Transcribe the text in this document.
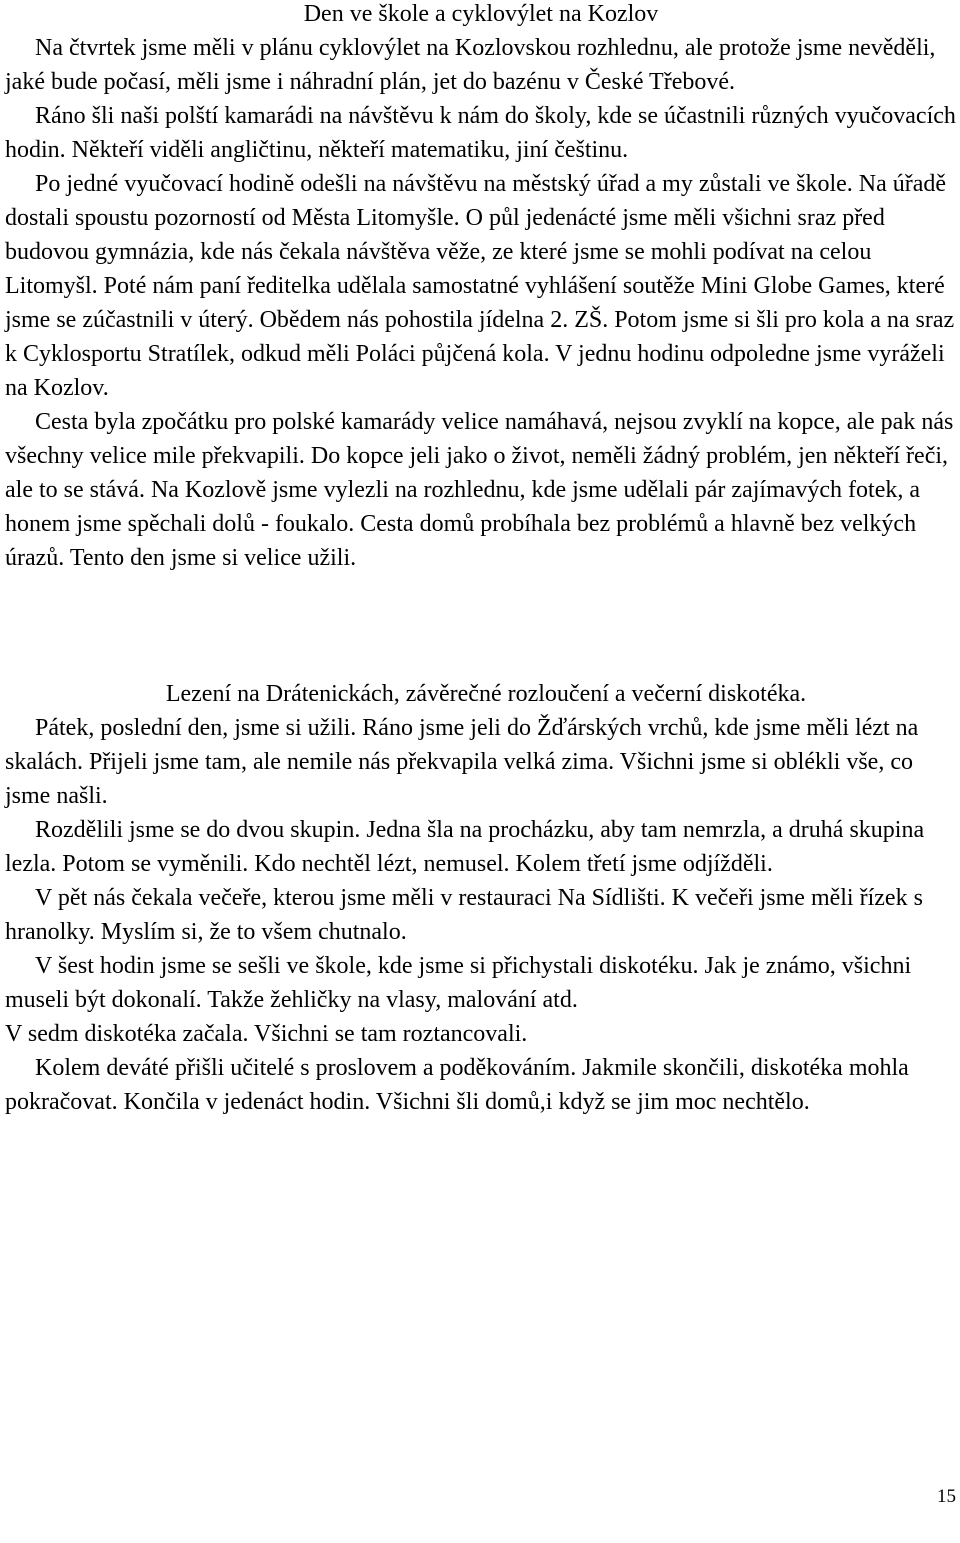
Den ve škole a cyklovýlet na Kozlov

Na čtvrtek jsme měli v plánu cyklovýlet na Kozlovskou rozhlednu, ale protože jsme nevěděli, jaké bude počasí, měli jsme i náhradní plán, jet do bazénu v České Třebové.

Ráno šli naši polští kamarádi na návštěvu k nám do školy, kde se účastnili různých vyučovacích hodin. Někteří viděli angličtinu, někteří matematiku, jiní češtinu.

Po jedné vyučovací hodině odešli na návštěvu na městský úřad a my zůstali ve škole. Na úřadě dostali spoustu pozorností od Města Litomyšle. O půl jedenácté jsme měli všichni sraz před budovou gymnázia, kde nás čekala návštěva věže, ze které jsme se mohli podívat na celou Litomyšl. Poté nám paní ředitelka udělala samostatné vyhlášení soutěže Mini Globe Games, které jsme se zúčastnili v úterý. Obědem nás pohostila jídelna 2. ZŠ. Potom jsme si šli pro kola a na sraz k Cyklosportu Stratílek, odkud měli Poláci půjčená kola. V jednu hodinu odpoledne jsme vyráželi na Kozlov.

Cesta byla zpočátku pro polské kamarády velice namáhavá, nejsou zvyklí na kopce, ale pak nás všechny velice mile překvapili. Do kopce jeli jako o život, neměli žádný problém, jen někteří řeči, ale to se stává. Na Kozlově jsme vylezli na rozhlednu, kde jsme udělali pár zajímavých fotek, a honem jsme spěchali dolů - foukalo. Cesta domů probíhala bez problémů a hlavně bez velkých úrazů. Tento den jsme si velice užili.

Lezení na Drátenickách, závěrečné rozloučení a večerní diskotéka.

Pátek, poslední den, jsme si užili. Ráno jsme jeli do Žďárských vrchů, kde jsme měli lézt na skalách. Přijeli jsme tam, ale nemile nás překvapila velká zima. Všichni jsme si oblékli vše, co jsme našli.

Rozdělili jsme se do dvou skupin. Jedna šla na procházku, aby tam nemrzla, a druhá skupina lezla. Potom se vyměnili. Kdo nechtěl lézt, nemusel. Kolem třetí jsme odjížděli.

V pět nás čekala večeře, kterou jsme měli v restauraci Na Sídlišti. K večeři jsme měli řízek s hranolky. Myslím si, že to všem chutnalo.

V šest hodin jsme se sešli ve škole, kde jsme si přichystali diskotéku. Jak je známo, všichni museli být dokonalí. Takže žehličky na vlasy, malování atd.

V sedm diskotéka začala. Všichni se tam roztancovali.

Kolem deváté přišli učitelé s proslovem a poděkováním. Jakmile skončili, diskotéka mohla pokračovat. Končila v jedenáct hodin. Všichni šli domů,i když se jim moc nechtělo.

15
